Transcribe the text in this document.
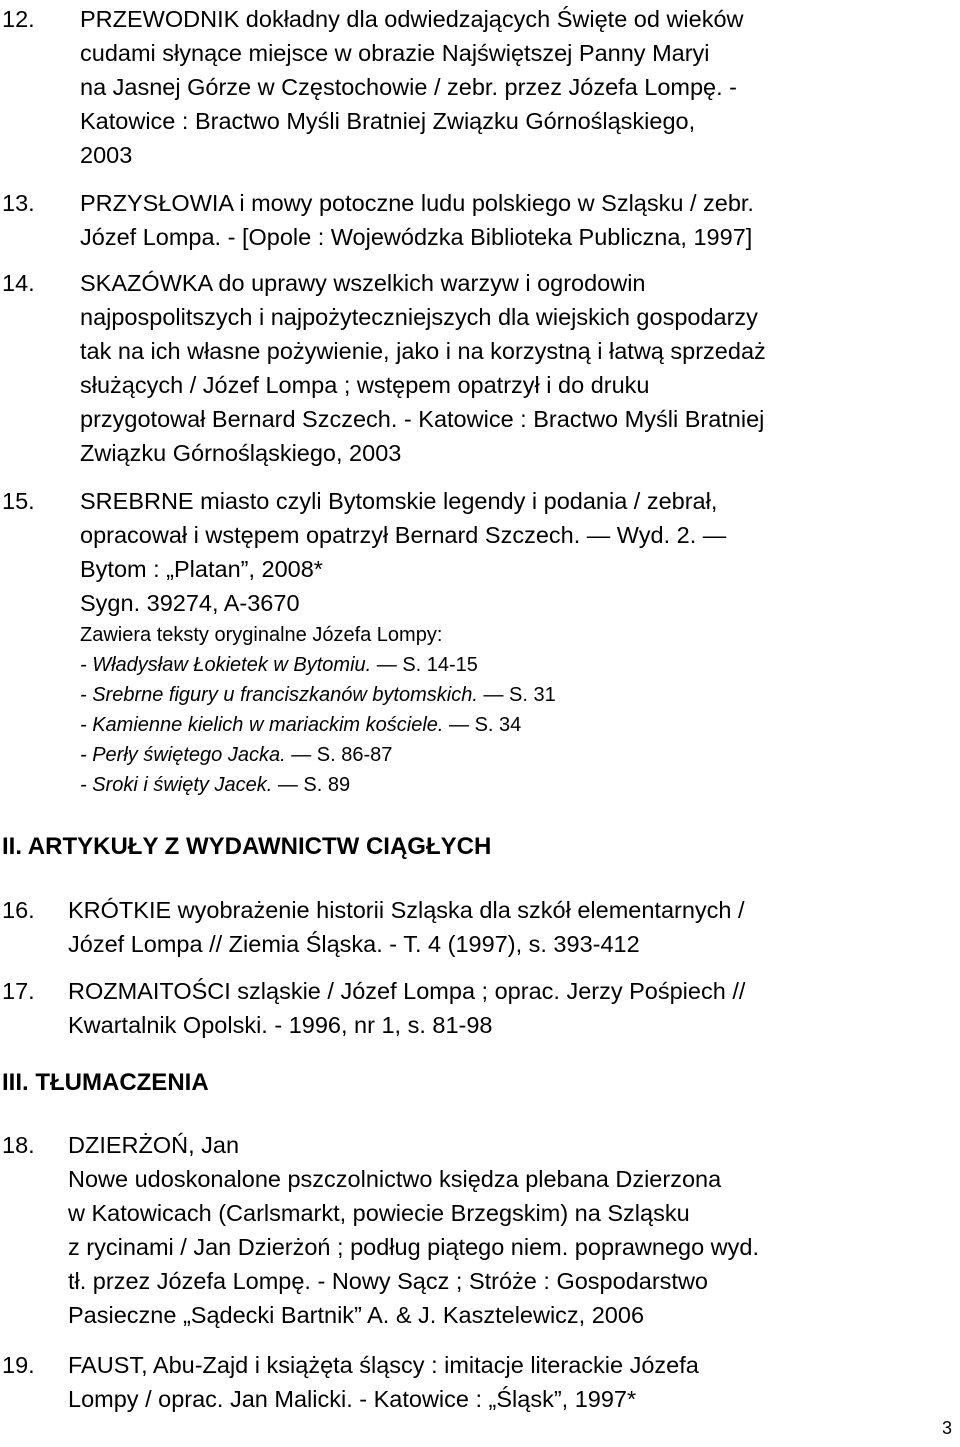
12. PRZEWODNIK dokładny dla odwiedzających Święte od wieków
cudami słynące miejsce w obrazie Najświętszej Panny Maryi
na Jasnej Górze w Częstochowie / zebr. przez Józefa Lompę. -
Katowice : Bractwo Myśli Bratniej Związku Górnośląskiego,
2003
13. PRZYSŁOWIA i mowy potoczne ludu polskiego w Szląsku / zebr.
Józef Lompa. - [Opole : Wojewódzka Biblioteka Publiczna, 1997]
14. SKAZÓWKA do uprawy wszelkich warzyw i ogrodowin
najpospolitszych i najpożyteczniejszych dla wiejskich gospodarzy
tak na ich własne pożywienie, jako i na korzystną i łatwą sprzedaż
służących / Józef Lompa ; wstępem opatrzył i do druku
przygotował Bernard Szczech. - Katowice : Bractwo Myśli Bratniej
Związku Górnośląskiego, 2003
15. SREBRNE miasto czyli Bytomskie legendy i podania / zebrał,
opracował i wstępem opatrzył Bernard Szczech. — Wyd. 2. —
Bytom : „Platan”, 2008*
Sygn. 39274, A-3670
Zawiera teksty oryginalne Józefa Lompy:
- Władysław Łokietek w Bytomiu. — S. 14-15
- Srebrne figury u franciszkanów bytomskich. — S. 31
- Kamienne kielich w mariackim kościele. — S. 34
- Perły świętego Jacka. — S. 86-87
- Sroki i święty Jacek. — S. 89
II. ARTYKUŁY Z WYDAWNICTW CIĄGŁYCH
16. KRÓTKIE wyobrażenie historii Szląska dla szkół elementarnych /
Józef Lompa // Ziemia Śląska. - T. 4 (1997), s. 393-412
17. ROZMAITOŚCI szląskie / Józef Lompa ; oprac. Jerzy Pośpiech //
Kwartalnik Opolski. - 1996, nr 1, s. 81-98
III. TŁUMACZENIA
18. DZIERŻOŃ, Jan
Nowe udoskonalone pszczolnictwo księdza plebana Dzierzona
w Katowicach (Carlsmarkt, powiecie Brzegskim) na Szląsku
z rycinami / Jan Dzierżoń ; podług piątego niem. poprawnego wyd.
tł. przez Józefa Lompę. - Nowy Sącz ; Stróże : Gospodarstwo
Pasieczne „Sądecki Bartnik” A. & J. Kasztelewicz, 2006
19. FAUST, Abu-Zajd i książęta śląscy : imitacje literackie Józefa
Lompy / oprac. Jan Malicki. - Katowice : „Śląsk”, 1997*
3
